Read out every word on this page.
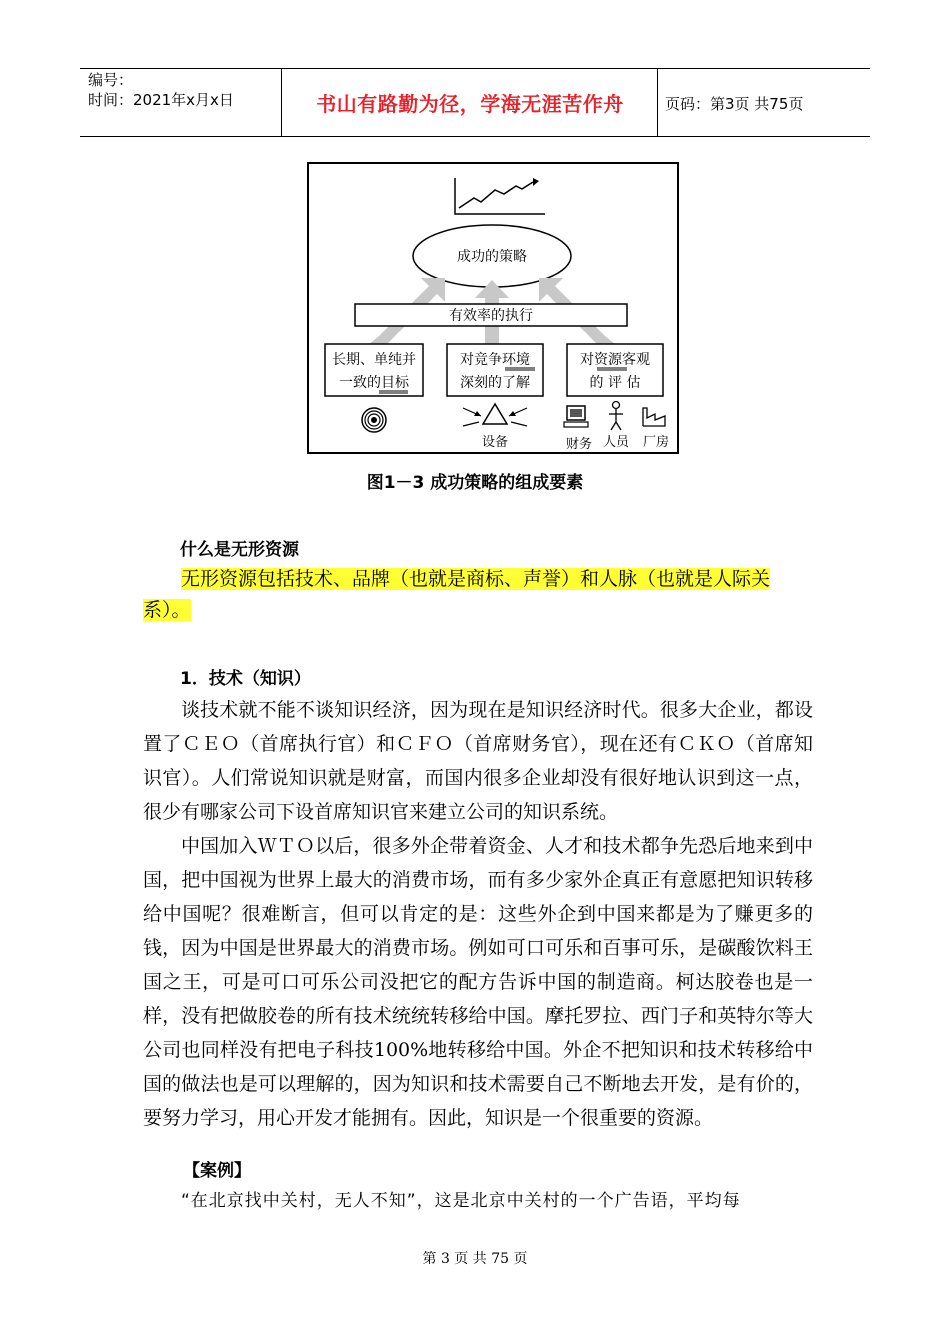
编号：
时间：2021年x月x日	书山有路勤为径，学海无涯苦作舟	页码：第3页 共75页
成功的策略
有效率的执行
长期、单纯并
一致的目标
对竞争环境
深刻的了解
对资源客观
的 评 估
设备	财务 人员 厂房
图1－3 成功策略的组成要素
什么是无形资源
无形资源包括技术、品牌（也就是商标、声誉）和人脉（也就是人际关
系）。
1．技术（知识）

谈技术就不能不谈知识经济，因为现在是知识经济时代。很多大企业，都设置了ＣＥＯ（首席执行官）和ＣＦＯ（首席财务官），现在还有ＣＫＯ（首席知识官）。人们常说知识就是财富，而国内很多企业却没有很好地认识到这一点，很少有哪家公司下设首席知识官来建立公司的知识系统。

中国加入ＷＴＯ以后，很多外企带着资金、人才和技术都争先恐后地来到中国，把中国视为世界上最大的消费市场，而有多少家外企真正有意愿把知识转移给中国呢？很难断言，但可以肯定的是：这些外企到中国来都是为了赚更多的钱，因为中国是世界最大的消费市场。例如可口可乐和百事可乐，是碳酸饮料王国之王，可是可口可乐公司没把它的配方告诉中国的制造商。柯达胶卷也是一样，没有把做胶卷的所有技术统统转移给中国。摩托罗拉、西门子和英特尔等大公司也同样没有把电子科技100%地转移给中国。外企不把知识和技术转移给中国的做法也是可以理解的，因为知识和技术需要自己不断地去开发，是有价的，要努力学习，用心开发才能拥有。因此，知识是一个很重要的资源。

【案例】

“在北京找中关村，无人不知”，这是北京中关村的一个广告语，平均每

第 3 页 共 75 页
